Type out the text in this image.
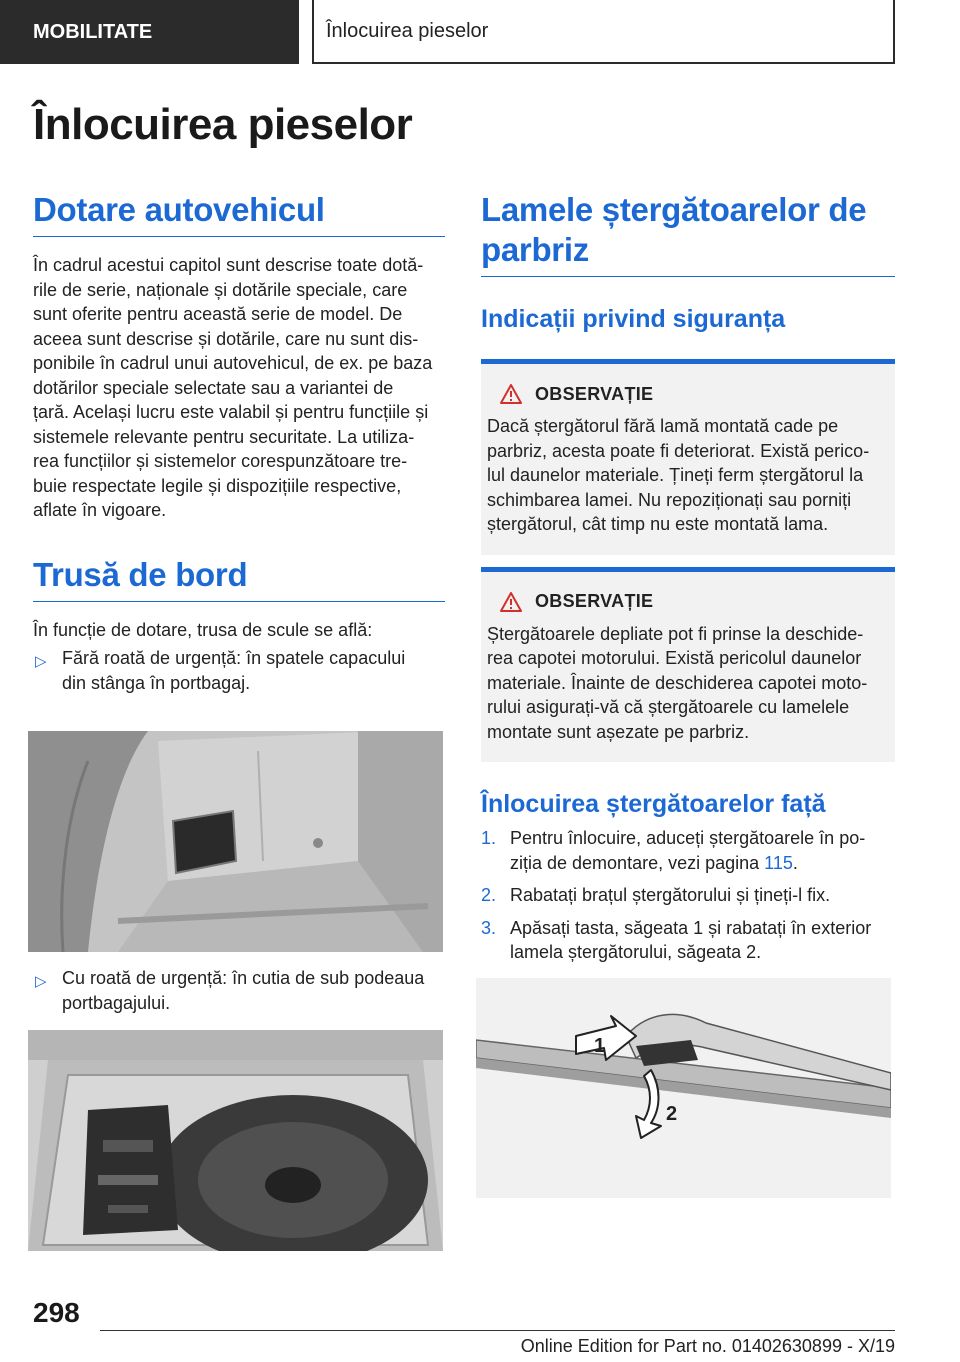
MOBILITATE	Înlocuirea pieselor
Înlocuirea pieselor
Dotare autovehicul

În cadrul acestui capitol sunt descrise toate dotă-
rile de serie, naționale și dotările speciale, care
sunt oferite pentru această serie de model. De
aceea sunt descrise și dotările, care nu sunt dis-
ponibile în cadrul unui autovehicul, de ex. pe baza
dotărilor speciale selectate sau a variantei de
țară. Același lucru este valabil și pentru funcțiile și
sistemele relevante pentru securitate. La utiliza-
rea funcțiilor și sistemelor corespunzătoare tre-
buie respectate legile și dispozițiile respective,
aflate în vigoare.

Trusă de bord

În funcție de dotare, trusa de scule se află:

▷ Fără roată de urgență: în spatele capacului
din stânga în portbagaj.
▷ Cu roată de urgență: în cutia de sub podeaua
portbagajului.
Lamele ștergătoarelor de
parbriz
Indicații privind siguranța
OBSERVAȚIE

Dacă ștergătorul fără lamă montată cade pe
parbriz, acesta poate fi deteriorat. Există perico-
lul daunelor materiale. Țineți ferm ștergătorul la
schimbarea lamei. Nu repoziționați sau porniți
ștergătorul, cât timp nu este montată lama.

OBSERVAȚIE

Ștergătoarele depliate pot fi prinse la deschide-
rea capotei motorului. Există pericolul daunelor
materiale. Înainte de deschiderea capotei moto-
rului asigurați-vă că ștergătoarele cu lamelele
montate sunt așezate pe parbriz.

Înlocuirea ștergătoarelor față
1. Pentru înlocuire, aduceți ștergătoarele în po-
ziția de demontare, vezi pagina 115.
2. Rabatați brațul ștergătorului și țineți-l fix.
3. Apăsați tasta, săgeata 1 și rabatați în exterior
lamela ștergătorului, săgeata 2.
1
2
298
Online Edition for Part no. 01402630899 - X/19
